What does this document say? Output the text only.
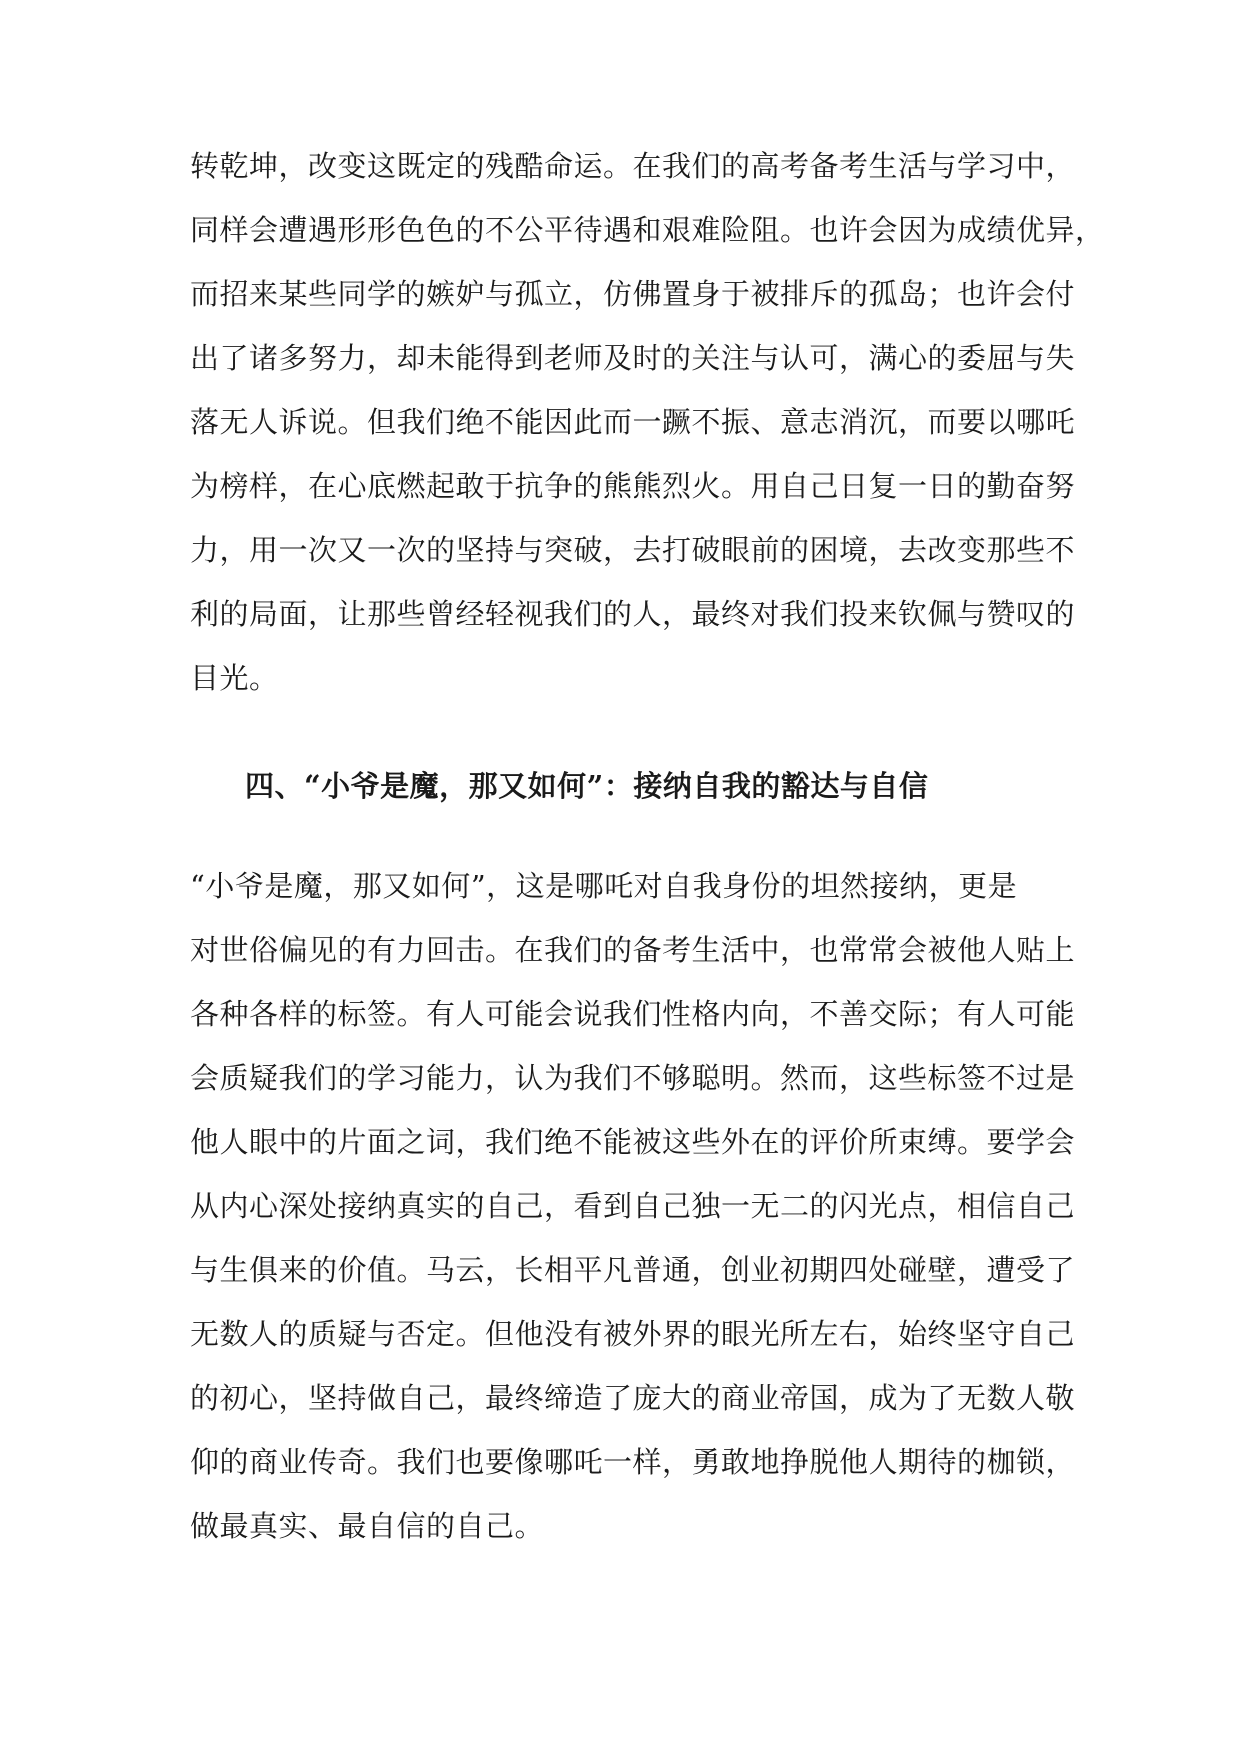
转乾坤，改变这既定的残酷命运。在我们的高考备考生活与学习中，
同样会遭遇形形色色的不公平待遇和艰难险阻。也许会因为成绩优异，
而招来某些同学的嫉妒与孤立，仿佛置身于被排斥的孤岛；也许会付
出了诸多努力，却未能得到老师及时的关注与认可，满心的委屈与失
落无人诉说。但我们绝不能因此而一蹶不振、意志消沉，而要以哪吒
为榜样，在心底燃起敢于抗争的熊熊烈火。用自己日复一日的勤奋努
力，用一次又一次的坚持与突破，去打破眼前的困境，去改变那些不
利的局面，让那些曾经轻视我们的人，最终对我们投来钦佩与赞叹的
目光。
四、“小爷是魔，那又如何”：接纳自我的豁达与自信
“小爷是魔，那又如何”，这是哪吒对自我身份的坦然接纳，更是
对世俗偏见的有力回击。在我们的备考生活中，也常常会被他人贴上
各种各样的标签。有人可能会说我们性格内向，不善交际；有人可能
会质疑我们的学习能力，认为我们不够聪明。然而，这些标签不过是
他人眼中的片面之词，我们绝不能被这些外在的评价所束缚。要学会
从内心深处接纳真实的自己，看到自己独一无二的闪光点，相信自己
与生俱来的价值。马云，长相平凡普通，创业初期四处碰壁，遭受了
无数人的质疑与否定。但他没有被外界的眼光所左右，始终坚守自己
的初心，坚持做自己，最终缔造了庞大的商业帝国，成为了无数人敬
仰的商业传奇。我们也要像哪吒一样，勇敢地挣脱他人期待的枷锁，
做最真实、最自信的自己。
